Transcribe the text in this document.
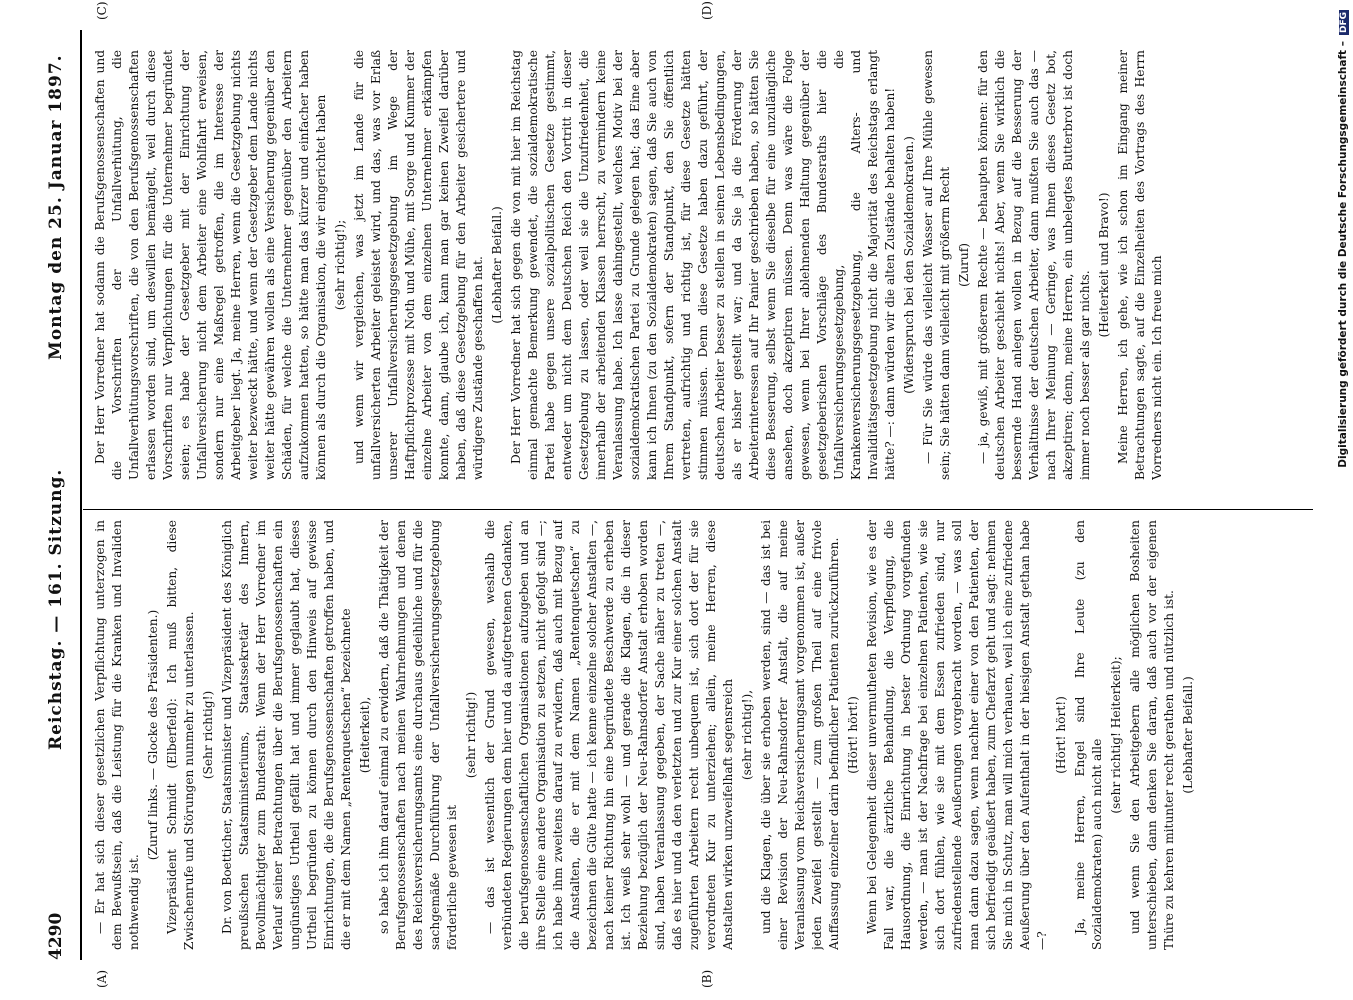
4290
Reichstag. — 161. Sitzung.
Montag den 25. Januar 1897.
(A)	(B)
(C)	(D)

— Er hat sich dieser gesetzlichen Verpflichtung unterzogen in dem Bewußtsein, daß die Leistung für die Kranken und Invaliden nothwendig ist.

(Zuruf links. — Glocke des Präsidenten.) Vizepräsident Schmidt (Elberfeld): Ich muß bitten, diese Zwischenrufe und Störungen nunmehr zu unterlassen. (Sehr richtig!) Dr. von Boetticher, Staatsminister und Vizepräsident des Königlich preußischen Staatsministeriums, Staatssekretär des Innern, Bevollmächtigter zum Bundesrath: Wenn der Herr Vorredner im Verlauf seiner Betrachtungen über die Berufsgenossenschaften ein ungünstiges Urtheil gefällt hat und immer geglaubt hat, dieses Urtheil begründen zu können durch den Hinweis auf gewisse Einrichtungen, die die Berufsgenossenschaften getroffen haben, und die er mit dem Namen „Rentenquetschen“ bezeichnete (Heiterkeit), so habe ich ihm darauf einmal zu erwidern, daß die Thätigkeit der Berufsgenossenschaften nach meinen Wahrnehmungen und denen des Reichsversicherungsamts eine durchaus gedeihliche und für die sachgemäße Durchführung der Unfallversicherungsgesetzgebung förderliche gewesen ist

(sehr richtig!) — das ist wesentlich der Grund gewesen, weshalb die verbündeten Regierungen dem hier und da aufgetretenen Gedanken, die berufsgenossenschaftlichen Organisationen aufzugeben und an ihre Stelle eine andere Organisation zu setzen, nicht gefolgt sind —; ich habe ihm zweitens darauf zu erwidern, daß auch mit Bezug auf die Anstalten, die er mit dem Namen „Rentenquetschen“ zu bezeichnen die Güte hatte — ich kenne einzelne solcher Anstalten —, nach keiner Richtung hin eine begründete Beschwerde zu erheben ist. Ich weiß sehr wohl — und gerade die Klagen, die in dieser Beziehung bezüglich der Neu-Rahnsdorfer Anstalt erhoben worden sind, haben Veranlassung gegeben, der Sache näher zu treten —, daß es hier und da den verletzten und zur Kur einer solchen Anstalt zugeführten Arbeitern recht unbequem ist, sich dort der für sie verordneten Kur zu unterziehen; allein, meine Herren, diese Anstalten wirken unzweifelhaft segensreich (sehr richtig!), und die Klagen, die über sie erhoben werden, sind — das ist bei einer Revision der Neu-Rahnsdorfer Anstalt, die auf meine Veranlassung vom Reichsversicherungsamt vorgenommen ist, außer jeden Zweifel gestellt — zum großen Theil auf eine frivole Auffassung einzelner darin befindlicher Patienten zurückzuführen. (Hört! hört!) Wenn bei Gelegenheit dieser unvermutheten Revision, wie es der Fall war, die ärztliche Behandlung, die Verpflegung, die Hausordnung, die Einrichtung in bester Ordnung vorgefunden werden, — man ist der Nachfrage bei einzelnen Patienten, wie sie sich dort fühlen, wie sie mit dem Essen zufrieden sind, nur zufriedenstellende Aeußerungen vorgebracht worden, — was soll man dann dazu sagen, wenn nachher einer von den Patienten, der sich befriedigt geäußert haben, zum Chefarzt geht und sagt: nehmen Sie mich in Schutz, man will mich verhauen, weil ich eine zufriedene Aeußerung über den Aufenthalt in der hiesigen Anstalt gethan habe —?

(Hört! hört!) Ja, meine Herren, Engel sind Ihre Leute (zu den Sozialdemokraten) auch nicht alle

(sehr richtig! Heiterkeit); und wenn Sie den Arbeitgebern alle möglichen Bosheiten unterschieben, dann denken Sie daran, daß auch vor der eigenen Thüre zu kehren mitunter recht gerathen und nützlich ist. (Lebhafter Beifall.)

Der Herr Vorredner hat sodann die Berufsgenossenschaften und die Vorschriften der Unfallverhütung, die Unfallverhütungsvorschriften, die von den Berufsgenossenschaften erlassen worden sind, um deswillen bemängelt, weil durch diese Vorschriften nur Verpflichtungen für die Unternehmer begründet seien; es habe der Gesetzgeber mit der Einrichtung der Unfallversicherung nicht dem Arbeiter eine Wohlfahrt erweisen, sondern nur eine Maßregel getroffen, die im Interesse der Arbeitgeber liegt. Ja, meine Herren, wenn die Gesetzgebung nichts weiter bezweckt hätte, und wenn der Gesetzgeber dem Lande nichts weiter hätte gewähren wollen als eine Versicherung gegenüber den Schäden, für welche die Unternehmer gegenüber den Arbeitern aufzukommen hatten, so hätte man das kürzer und einfacher haben können als durch die Organisation, die wir eingerichtet haben (sehr richtig!); und wenn wir vergleichen, was jetzt im Lande für die unfallversicherten Arbeiter geleistet wird, und das, was vor Erlaß unserer Unfallversicherungsgesetzgebung im Wege der Haftpflichtprozesse mit Noth und Mühe, mit Sorge und Kummer der einzelne Arbeiter von dem einzelnen Unternehmer erkämpfen konnte, dann, glaube ich, kann man gar keinen Zweifel darüber haben, daß diese Gesetzgebung für den Arbeiter gesichertere und würdigere Zustände geschaffen hat. (Lebhafter Beifall.) Der Herr Vorredner hat sich gegen die von mit hier im Reichstag einmal gemachte Bemerkung gewendet, die sozialdemokratische Partei habe gegen unsere sozialpolitischen Gesetze gestimmt, entweder um nicht dem Deutschen Reich den Vortritt in dieser Gesetzgebung zu lassen, oder weil sie die Unzufriedenheit, die innerhalb der arbeitenden Klassen herrscht, zu vermindern keine Veranlassung habe. Ich lasse dahingestellt, welches Motiv bei der sozialdemokratischen Partei zu Grunde gelegen hat; das Eine aber kann ich Ihnen (zu den Sozialdemokraten) sagen, daß Sie auch von Ihrem Standpunkt, sofern der Standpunkt, den Sie öffentlich vertreten, aufrichtig und richtig ist, für diese Gesetze hätten stimmen müssen. Denn diese Gesetze haben dazu geführt, der deutschen Arbeiter besser zu stellen in seinen Lebensbedingungen, als er bisher gestellt war; und da Sie ja die Förderung der Arbeiterinteressen auf Ihr Panier geschrieben haben, so hätten Sie diese Besserung, selbst wenn Sie dieselbe für eine unzulängliche ansehen, doch akzeptiren müssen. Denn was wäre die Folge gewesen, wenn bei Ihrer ablehnenden Haltung gegenüber der gesetzgeberischen Vorschläge des Bundesraths hier die Unfallversicherungsgesetzgebung, die Krankenversicherungsgesetzgebung, die Alters- und Invaliditätsgesetzgebung nicht die Majorität des Reichstags erlangt hätte? —: dann würden wir die alten Zustände behalten haben! (Widerspruch bei den Sozialdemokraten.) — Für Sie würde das vielleicht Wasser auf Ihre Mühle gewesen sein; Sie hätten dann vielleicht mit größerm Recht (Zuruf) — ja, gewiß, mit größerem Rechte — behaupten können: für den deutschen Arbeiter geschieht nichts! Aber, wenn Sie wirklich die bessernde Hand anlegen wollen in Bezug auf die Besserung der Verhältnisse der deutschen Arbeiter, dann mußten Sie auch das — nach Ihrer Meinung — Geringe, was Ihnen dieses Gesetz bot, akzeptiren; denn, meine Herren, ein unbelegtes Butterbrot ist doch immer noch besser als gar nichts.

(Heiterkeit und Bravo!) Meine Herren, ich gehe, wie ich schon im Eingang meiner Betrachtungen sagte, auf die Einzelheiten des Vortrags des Herrn Vorredners nicht ein. Ich freue mich	Digitalisierung gefördert durch die Deutsche Forschungsgemeinschaft –DFG
